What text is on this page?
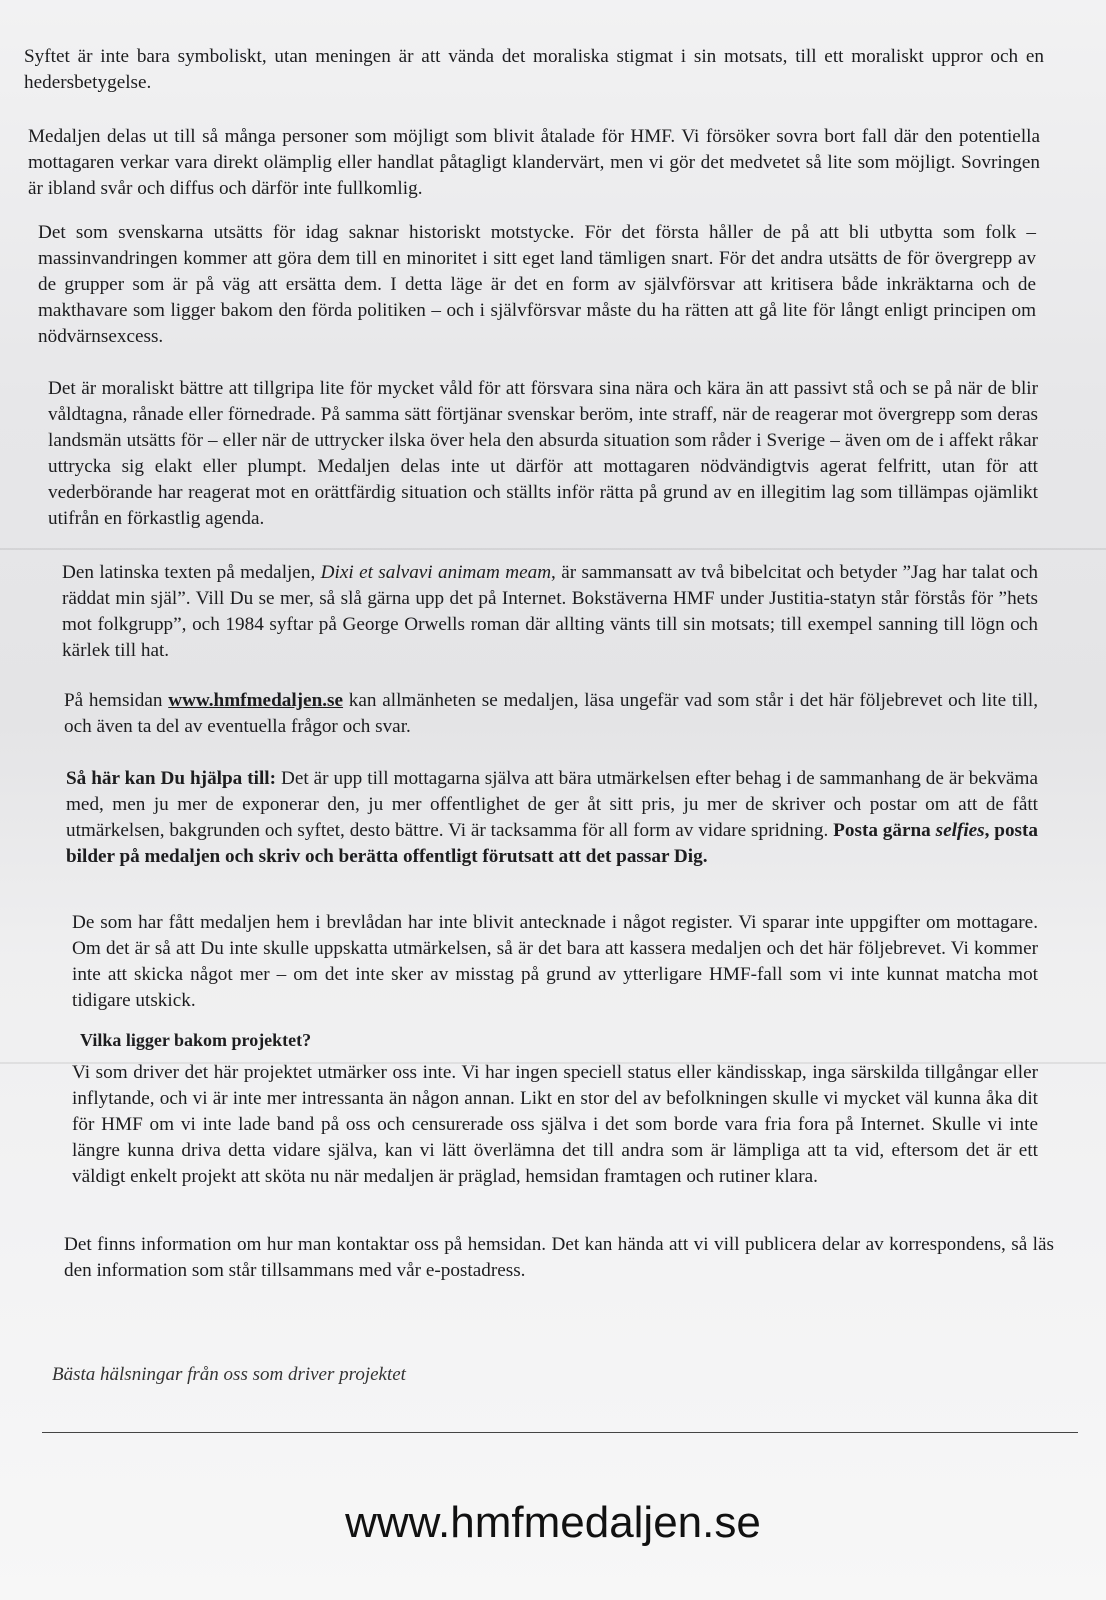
Syftet är inte bara symboliskt, utan meningen är att vända det moraliska stigmat i sin motsats, till ett moraliskt uppror och en hedersbetygelse.

Medaljen delas ut till så många personer som möjligt som blivit åtalade för HMF. Vi försöker sovra bort fall där den potentiella mottagaren verkar vara direkt olämplig eller handlat påtagligt klandervärt, men vi gör det medvetet så lite som möjligt. Sovringen är ibland svår och diffus och därför inte fullkomlig.

Det som svenskarna utsätts för idag saknar historiskt motstycke. För det första håller de på att bli utbytta som folk – massinvandringen kommer att göra dem till en minoritet i sitt eget land tämligen snart. För det andra utsätts de för övergrepp av de grupper som är på väg att ersätta dem. I detta läge är det en form av självförsvar att kritisera både inkräktarna och de makthavare som ligger bakom den förda politiken – och i självförsvar måste du ha rätten att gå lite för långt enligt principen om nödvärnsexcess.

Det är moraliskt bättre att tillgripa lite för mycket våld för att försvara sina nära och kära än att passivt stå och se på när de blir våldtagna, rånade eller förnedrade. På samma sätt förtjänar svenskar beröm, inte straff, när de reagerar mot övergrepp som deras landsmän utsätts för – eller när de uttrycker ilska över hela den absurda situation som råder i Sverige – även om de i affekt råkar uttrycka sig elakt eller plumpt. Medaljen delas inte ut därför att mottagaren nödvändigtvis agerat felfritt, utan för att vederbörande har reagerat mot en orättfärdig situation och ställts inför rätta på grund av en illegitim lag som tillämpas ojämlikt utifrån en förkastlig agenda.

Den latinska texten på medaljen, Dixi et salvavi animam meam, är sammansatt av två bibelcitat och betyder ”Jag har talat och räddat min själ”. Vill Du se mer, så slå gärna upp det på Internet. Bokstäverna HMF under Justitia-statyn står förstås för ”hets mot folkgrupp”, och 1984 syftar på George Orwells roman där allting vänts till sin motsats; till exempel sanning till lögn och kärlek till hat.

På hemsidan www.hmfmedaljen.se kan allmänheten se medaljen, läsa ungefär vad som står i det här följebrevet och lite till, och även ta del av eventuella frågor och svar.

Så här kan Du hjälpa till: Det är upp till mottagarna själva att bära utmärkelsen efter behag i de sammanhang de är bekväma med, men ju mer de exponerar den, ju mer offentlighet de ger åt sitt pris, ju mer de skriver och postar om att de fått utmärkelsen, bakgrunden och syftet, desto bättre. Vi är tacksamma för all form av vidare spridning. Posta gärna selfies, posta bilder på medaljen och skriv och berätta offentligt förutsatt att det passar Dig.

De som har fått medaljen hem i brevlådan har inte blivit antecknade i något register. Vi sparar inte uppgifter om mottagare. Om det är så att Du inte skulle uppskatta utmärkelsen, så är det bara att kassera medaljen och det här följebrevet. Vi kommer inte att skicka något mer – om det inte sker av misstag på grund av ytterligare HMF-fall som vi inte kunnat matcha mot tidigare utskick.

Vilka ligger bakom projektet?

Vi som driver det här projektet utmärker oss inte. Vi har ingen speciell status eller kändisskap, inga särskilda tillgångar eller inflytande, och vi är inte mer intressanta än någon annan. Likt en stor del av befolkningen skulle vi mycket väl kunna åka dit för HMF om vi inte lade band på oss och censurerade oss själva i det som borde vara fria fora på Internet. Skulle vi inte längre kunna driva detta vidare själva, kan vi lätt överlämna det till andra som är lämpliga att ta vid, eftersom det är ett väldigt enkelt projekt att sköta nu när medaljen är präglad, hemsidan framtagen och rutiner klara.

Det finns information om hur man kontaktar oss på hemsidan. Det kan hända att vi vill publicera delar av korrespondens, så läs den information som står tillsammans med vår e-postadress.

Bästa hälsningar från oss som driver projektet
www.hmfmedaljen.se
